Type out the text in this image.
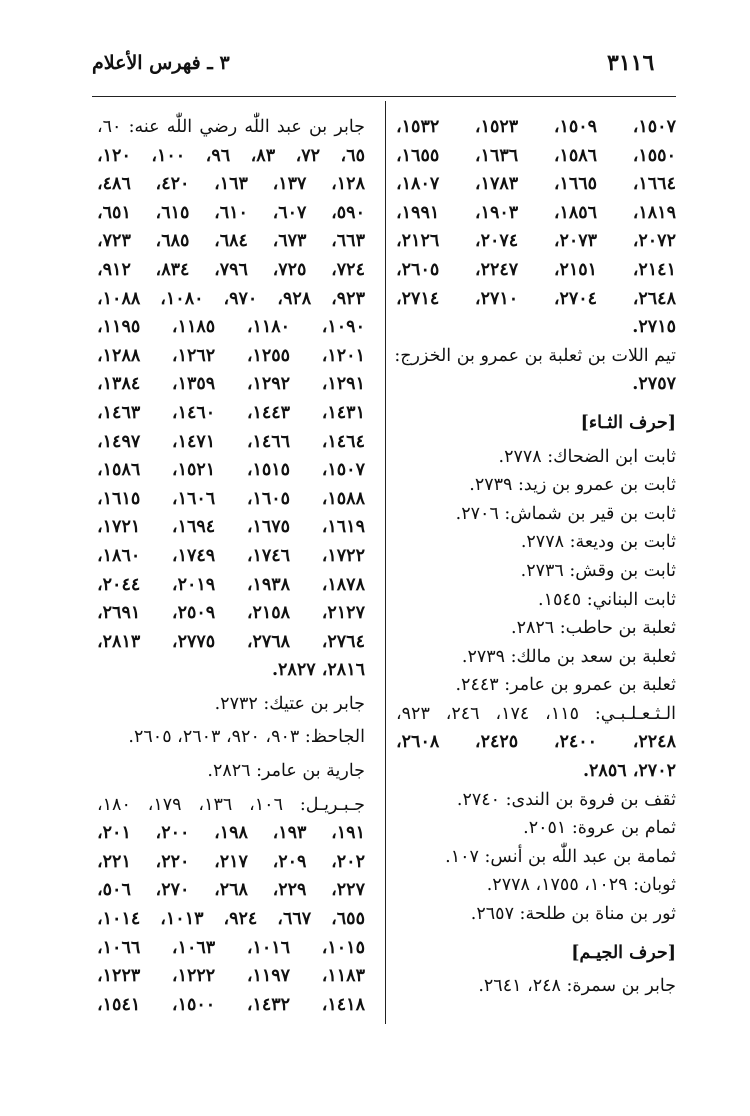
٣١١٦
٣ ـ فهرس الأعلام
١٥٠٧، ١٥٠٩، ١٥٢٣، ١٥٣٢،
١٥٥٠، ١٥٨٦، ١٦٣٦، ١٦٥٥،
١٦٦٤، ١٦٦٥، ١٧٨٣، ١٨٠٧،
١٨١٩، ١٨٥٦، ١٩٠٣، ١٩٩١،
٢٠٧٢، ٢٠٧٣، ٢٠٧٤، ٢١٢٦،
٢١٤١، ٢١٥١، ٢٢٤٧، ٢٦٠٥،
٢٦٤٨، ٢٧٠٤، ٢٧١٠، ٢٧١٤،
٢٧١٥.
تيم اللات بن ثعلبة بن عمرو بن الخزرج:
٢٧٥٧.
[حرف الثـاء]
ثابت ابن الضحاك: ٢٧٧٨.
ثابت بن عمرو بن زيد: ٢٧٣٩.
ثابت بن قير بن شماش: ٢٧٠٦.
ثابت بن وديعة: ٢٧٧٨.
ثابت بن وقش: ٢٧٣٦.
ثابت البناني: ١٥٤٥.
ثعلبة بن حاطب: ٢٨٢٦.
ثعلبة بن سعد بن مالك: ٢٧٣٩.
ثعلبة بن عمرو بن عامر: ٢٤٤٣.
الـثـعـلـبـي: ١١٥، ١٧٤، ٢٤٦، ٩٢٣،
٢٢٤٨، ٢٤٠٠، ٢٤٢٥، ٢٦٠٨،
٢٧٠٢، ٢٨٥٦.
ثقف بن فروة بن الندى: ٢٧٤٠.
ثمام بن عروة: ٢٠٥١.
ثمامة بن عبد اللّٰه بن أنس: ١٠٧.
ثوبان: ١٠٢٩، ١٧٥٥، ٢٧٧٨.
ثور بن مناة بن طلحة: ٢٦٥٧.
[حرف الجيـم]
جابر بن سمرة: ٢٤٨، ٢٦٤١.
جابر بن عبد اللّٰه رضي اللّٰه عنه: ٦٠،
٦٥، ٧٢، ٨٣، ٩٦، ١٠٠، ١٢٠،
١٢٨، ١٣٧، ١٦٣، ٤٢٠، ٤٨٦،
٥٩٠، ٦٠٧، ٦١٠، ٦١٥، ٦٥١،
٦٦٣، ٦٧٣، ٦٨٤، ٦٨٥، ٧٢٣،
٧٢٤، ٧٢٥، ٧٩٦، ٨٣٤، ٩١٢،
٩٢٣، ٩٢٨، ٩٧٠، ١٠٨٠، ١٠٨٨،
١٠٩٠، ١١٨٠، ١١٨٥، ١١٩٥،
١٢٠١، ١٢٥٥، ١٢٦٢، ١٢٨٨،
١٢٩١، ١٢٩٢، ١٣٥٩، ١٣٨٤،
١٤٣١، ١٤٤٣، ١٤٦٠، ١٤٦٣،
١٤٦٤، ١٤٦٦، ١٤٧١، ١٤٩٧،
١٥٠٧، ١٥١٥، ١٥٢١، ١٥٨٦،
١٥٨٨، ١٦٠٥، ١٦٠٦، ١٦١٥،
١٦١٩، ١٦٧٥، ١٦٩٤، ١٧٢١،
١٧٢٢، ١٧٤٦، ١٧٤٩، ١٨٦٠،
١٨٧٨، ١٩٣٨، ٢٠١٩، ٢٠٤٤،
٢١٢٧، ٢١٥٨، ٢٥٠٩، ٢٦٩١،
٢٧٦٤، ٢٧٦٨، ٢٧٧٥، ٢٨١٣،
٢٨١٦، ٢٨٢٧.
جابر بن عتيك: ٢٧٣٢.
الجاحظ: ٩٠٣، ٩٢٠، ٢٦٠٣، ٢٦٠٥.
جارية بن عامر: ٢٨٢٦.
جـبـريـل: ١٠٦، ١٣٦، ١٧٩، ١٨٠،
١٩١، ١٩٣، ١٩٨، ٢٠٠، ٢٠١،
٢٠٢، ٢٠٩، ٢١٧، ٢٢٠، ٢٢١،
٢٢٧، ٢٢٩، ٢٦٨، ٢٧٠، ٥٠٦،
٦٥٥، ٦٦٧، ٩٢٤، ١٠١٣، ١٠١٤،
١٠١٥، ١٠١٦، ١٠٦٣، ١٠٦٦،
١١٨٣، ١١٩٧، ١٢٢٢، ١٢٢٣،
١٤١٨، ١٤٣٢، ١٥٠٠، ١٥٤١،
